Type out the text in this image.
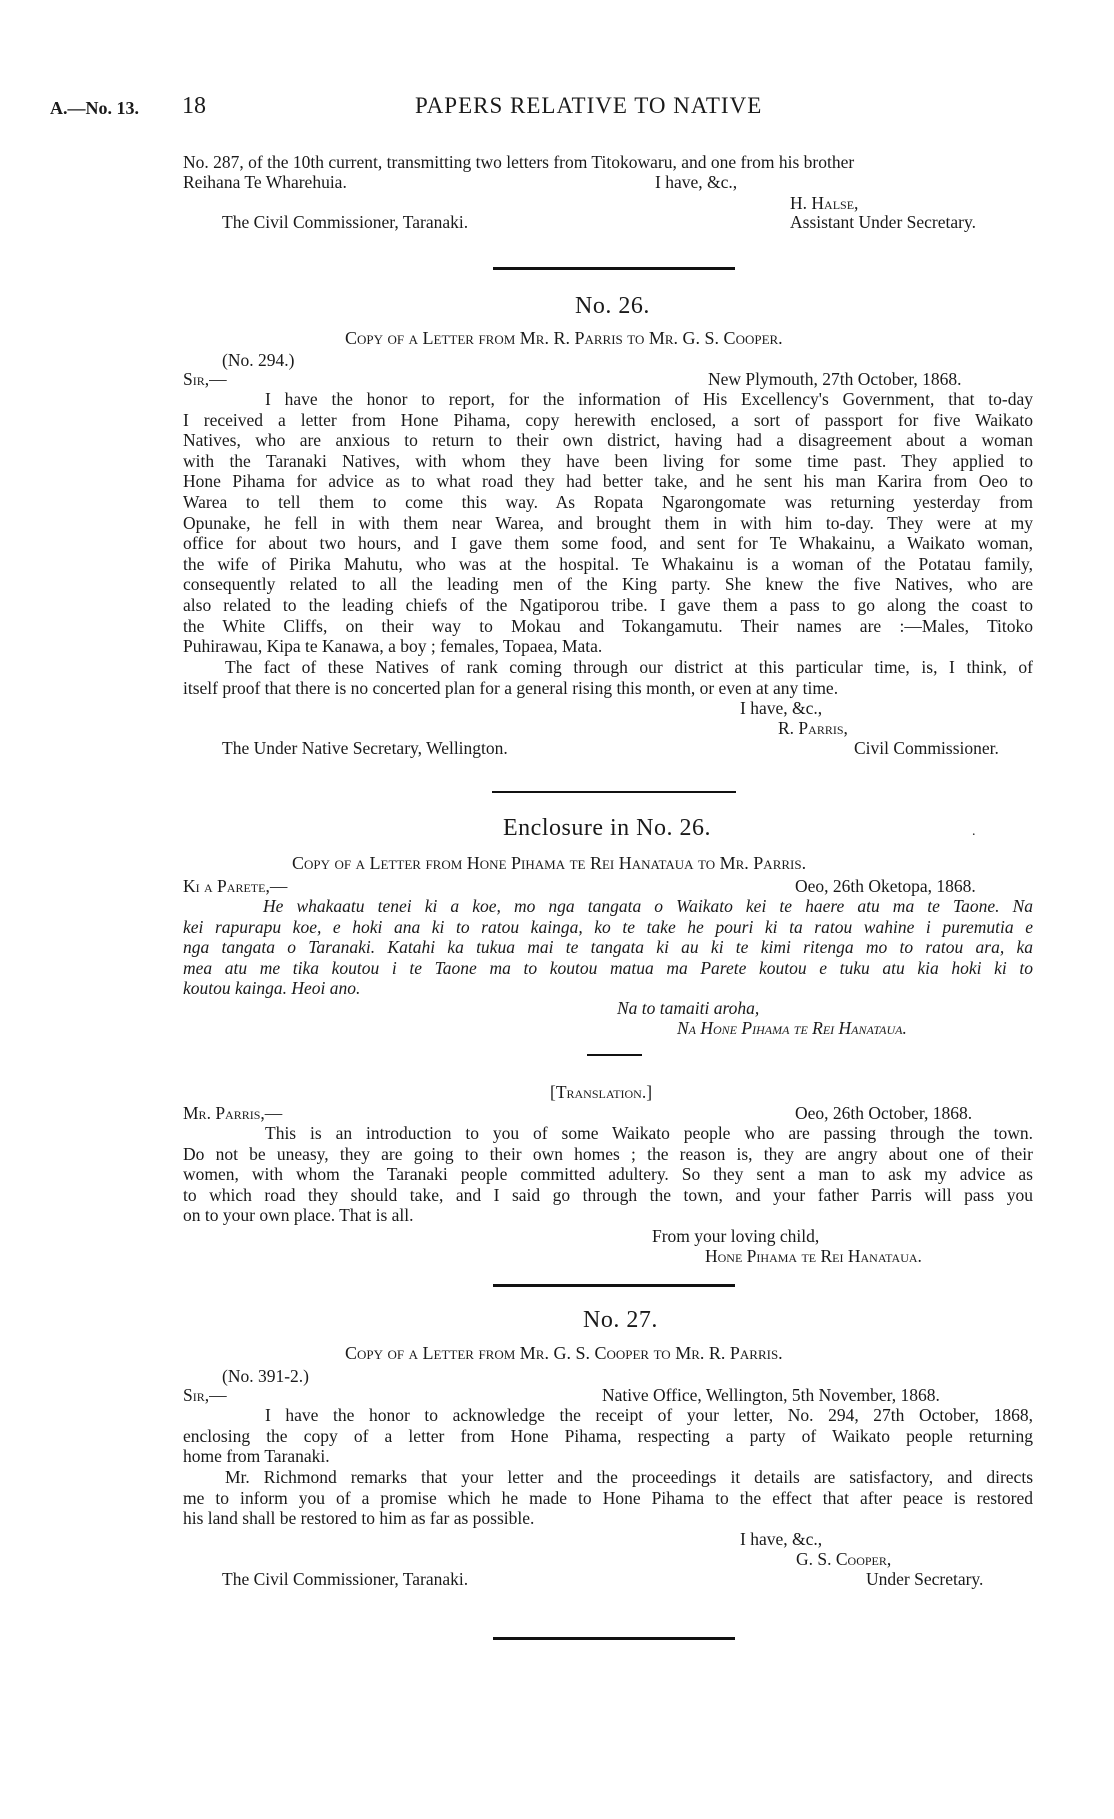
A.—No. 13. 18	PAPERS RELATIVE TO NATIVE
No. 287, of the 10th current, transmitting two letters from Titokowaru, and one from his brother
Reihana Te Wharehuia.	I have, &c.,
H. Halse,
The Civil Commissioner, Taranaki.	Assistant Under Secretary.
No. 26.
Copy of a Letter from Mr. R. Parris to Mr. G. S. Cooper.
(No. 294.)
Sir,—	New Plymouth, 27th October, 1868.
I have the honor to report, for the information of His Excellency's Government, that to-day
I received a letter from Hone Pihama, copy herewith enclosed, a sort of passport for five Waikato
Natives, who are anxious to return to their own district, having had a disagreement about a woman
with the Taranaki Natives, with whom they have been living for some time past. They applied to
Hone Pihama for advice as to what road they had better take, and he sent his man Karira from Oeo to
Warea to tell them to come this way. As Ropata Ngarongomate was returning yesterday from
Opunake, he fell in with them near Warea, and brought them in with him to-day. They were at my
office for about two hours, and I gave them some food, and sent for Te Whakainu, a Waikato woman,
the wife of Pirika Mahutu, who was at the hospital. Te Whakainu is a woman of the Potatau family,
consequently related to all the leading men of the King party. She knew the five Natives, who are
also related to the leading chiefs of the Ngatiporou tribe. I gave them a pass to go along the coast to
the White Cliffs, on their way to Mokau and Tokangamutu. Their names are :—Males, Titoko
Puhirawau, Kipa te Kanawa, a boy ; females, Topaea, Mata.
The fact of these Natives of rank coming through our district at this particular time, is, I think, of
itself proof that there is no concerted plan for a general rising this month, or even at any time.
I have, &c.,
R. Parris,
The Under Native Secretary, Wellington.	Civil Commissioner.
Enclosure in No. 26.	.
Copy of a Letter from Hone Pihama te Rei Hanataua to Mr. Parris.
Ki a Parete,—	Oeo, 26th Oketopa, 1868.
He whakaatu tenei ki a koe, mo nga tangata o Waikato kei te haere atu ma te Taone. Na
kei rapurapu koe, e hoki ana ki to ratou kainga, ko te take he pouri ki ta ratou wahine i puremutia e
nga tangata o Taranaki. Katahi ka tukua mai te tangata ki au ki te kimi ritenga mo to ratou ara, ka
mea atu me tika koutou i te Taone ma to koutou matua ma Parete koutou e tuku atu kia hoki ki to
koutou kainga. Heoi ano.
Na to tamaiti aroha,
Na Hone Pihama te Rei Hanataua.
[Translation.]
Mr. Parris,—	Oeo, 26th October, 1868.
This is an introduction to you of some Waikato people who are passing through the town.
Do not be uneasy, they are going to their own homes ; the reason is, they are angry about one of their
women, with whom the Taranaki people committed adultery. So they sent a man to ask my advice as
to which road they should take, and I said go through the town, and your father Parris will pass you
on to your own place. That is all.
From your loving child,
Hone Pihama te Rei Hanataua.
No. 27.
Copy of a Letter from Mr. G. S. Cooper to Mr. R. Parris.
(No. 391-2.)
Sir,—	Native Office, Wellington, 5th November, 1868.
I have the honor to acknowledge the receipt of your letter, No. 294, 27th October, 1868,
enclosing the copy of a letter from Hone Pihama, respecting a party of Waikato people returning
home from Taranaki.
Mr. Richmond remarks that your letter and the proceedings it details are satisfactory, and directs
me to inform you of a promise which he made to Hone Pihama to the effect that after peace is restored
his land shall be restored to him as far as possible.
I have, &c.,
G. S. Cooper,
The Civil Commissioner, Taranaki.	Under Secretary.
